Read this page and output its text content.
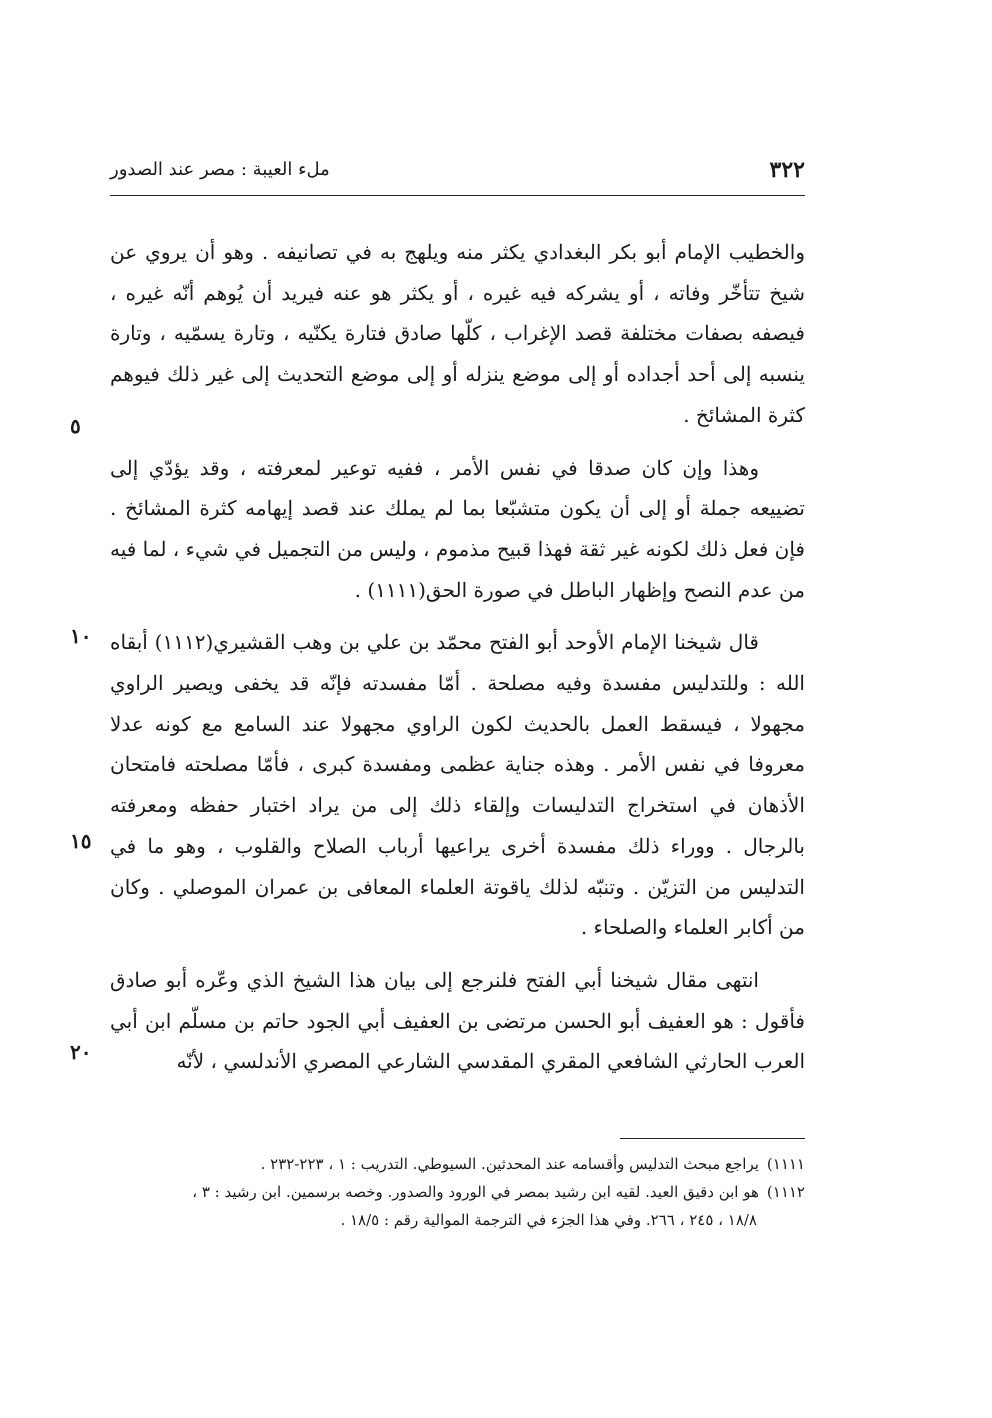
٣٢٢
ملء العيبة : مصر عند الصدور

والخطيب الإمام أبو بكر البغدادي يكثر منه ويلهج به في تصانيفه . وهو أن يروي عن شيخ تتأخّر وفاته ، أو يشركه فيه غيره ، أو يكثر هو عنه فيريد أن يُوهم أنّه غيره ، فيصفه بصفات مختلفة قصد الإغراب ، كلّها صادق فتارة يكنّيه ، وتارة يسمّيه ، وتارة ينسبه إلى أحد أجداده أو إلى موضع ينزله أو إلى موضع التحديث إلى غير ذلك فيوهم كثرة المشائخ .

وهذا وإن كان صدقا في نفس الأمر ، ففيه توعير لمعرفته ، وقد يؤدّي إلى تضييعه جملة أو إلى أن يكون متشبّعا بما لم يملك عند قصد إيهامه كثرة المشائخ . فإن فعل ذلك لكونه غير ثقة فهذا قبيح مذموم ، وليس من التجميل في شيء ، لما فيه من عدم النصح وإظهار الباطل في صورة الحق(١١١١) .

قال شيخنا الإمام الأوحد أبو الفتح محمّد بن علي بن وهب القشيري(١١١٢) أبقاه الله : وللتدليس مفسدة وفيه مصلحة . أمّا مفسدته فإنّه قد يخفى ويصير الراوي مجهولا ، فيسقط العمل بالحديث لكون الراوي مجهولا عند السامع مع كونه عدلا معروفا في نفس الأمر . وهذه جناية عظمى ومفسدة كبرى ، فأمّا مصلحته فامتحان الأذهان في استخراج التدليسات وإلقاء ذلك إلى من يراد اختبار حفظه ومعرفته بالرجال . ووراء ذلك مفسدة أخرى يراعيها أرباب الصلاح والقلوب ، وهو ما في التدليس من التزيّن . وتنبّه لذلك ياقوتة العلماء المعافى بن عمران الموصلي . وكان من أكابر العلماء والصلحاء .

انتهى مقال شيخنا أبي الفتح فلنرجع إلى بيان هذا الشيخ الذي وعّره أبو صادق فأقول : هو العفيف أبو الحسن مرتضى بن العفيف أبي الجود حاتم بن مسلّم ابن أبي العرب الحارثي الشافعي المقري المقدسي الشارعي المصري الأندلسي ، لأنّه

٥
١٠
١٥
٢٠

١١١١)يراجع مبحث التدليس وأقسامه عند المحدثين. السيوطي. التدريب : ١ ، ٢٢٣-٢٣٢ .

١١١٢)هو ابن دقيق العيد. لقيه ابن رشيد بمصر في الورود والصدور. وخصه برسمين. ابن رشيد : ٣ ،

١٨/٨ ، ٢٤٥ ، ٢٦٦. وفي هذا الجزء في الترجمة الموالية رقم : ١٨/٥ .
